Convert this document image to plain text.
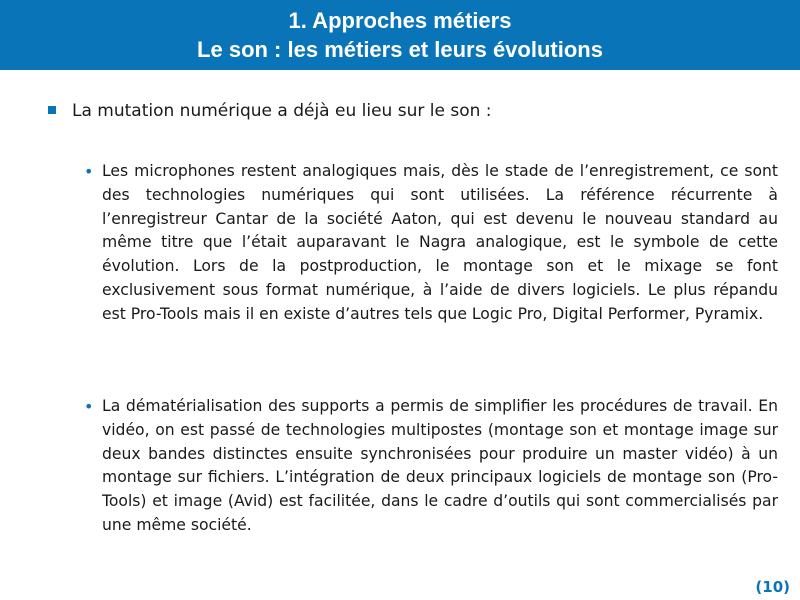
1. Approches métiers
Le son : les métiers et leurs évolutions
La mutation numérique a déjà eu lieu sur le son :
• Les microphones restent analogiques mais, dès le stade de l’enregistrement, ce sont des technologies numériques qui sont utilisées. La référence récurrente à l’enregistreur Cantar de la société Aaton, qui est devenu le nouveau standard au même titre que l’était auparavant le Nagra analogique, est le symbole de cette évolution. Lors de la postproduction, le montage son et le mixage se font exclusivement sous format numérique, à l’aide de divers logiciels. Le plus répandu est Pro-Tools mais il en existe d’autres tels que Logic Pro, Digital Performer, Pyramix.
• La dématérialisation des supports a permis de simplifier les procédures de travail. En vidéo, on est passé de technologies multipostes (montage son et montage image sur deux bandes distinctes ensuite synchronisées pour produire un master vidéo) à un montage sur fichiers. L’intégration de deux principaux logiciels de montage son (Pro-Tools) et image (Avid) est facilitée, dans le cadre d’outils qui sont commercialisés par une même société.
(10)
